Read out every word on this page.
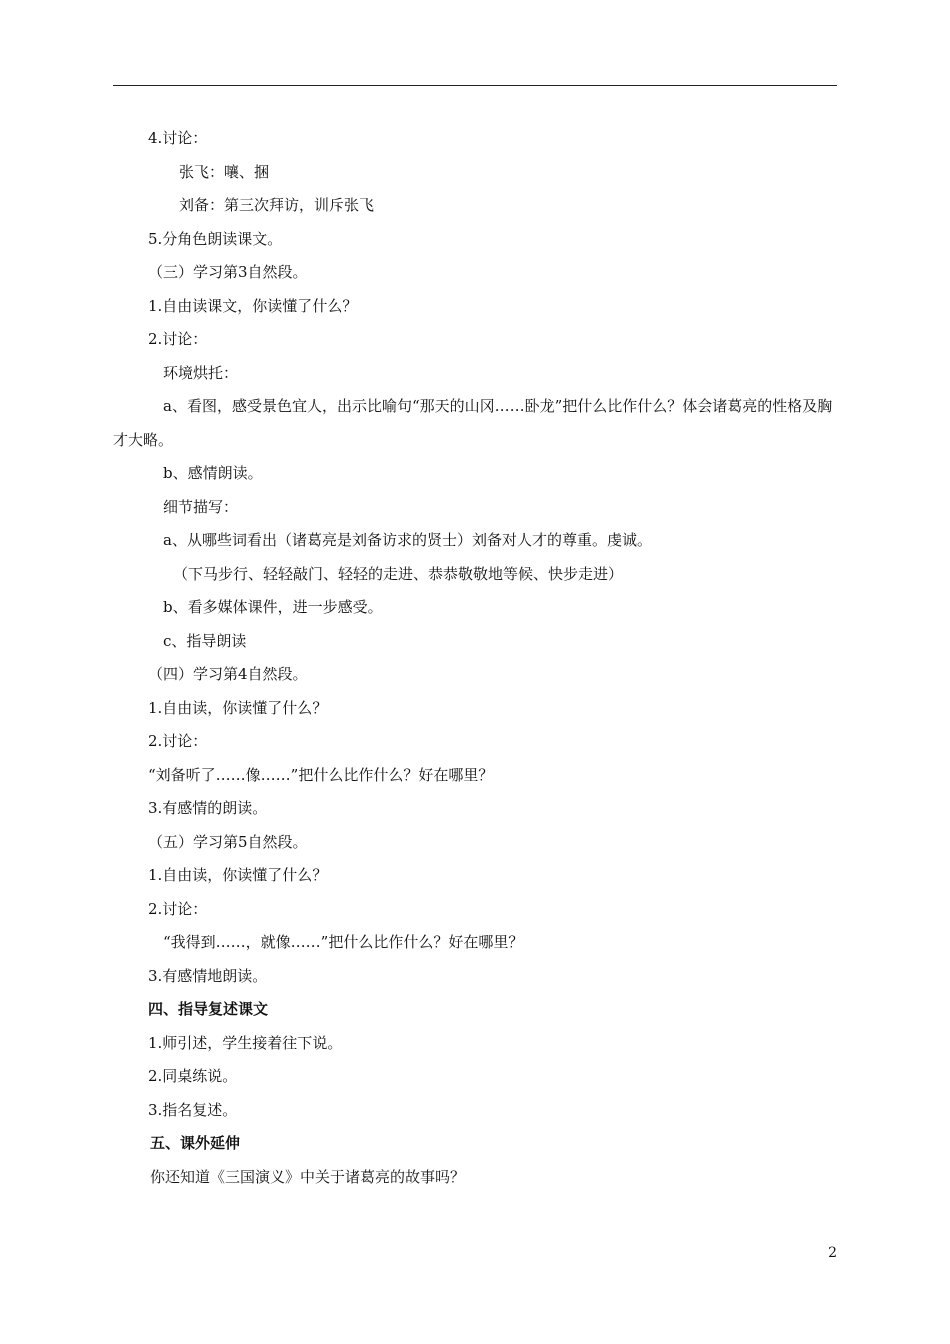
4.讨论：
张飞：嚷、捆
刘备：第三次拜访，训斥张飞
5.分角色朗读课文。
（三）学习第3自然段。
1.自由读课文，你读懂了什么？
2.讨论：
环境烘托：
a、看图，感受景色宜人，出示比喻句“那天的山冈……卧龙”把什么比作什么？体会诸葛亮的性格及胸才大略。
b、感情朗读。
细节描写：
a、从哪些词看出（诸葛亮是刘备访求的贤士）刘备对人才的尊重。虔诚。
（下马步行、轻轻敲门、轻轻的走进、恭恭敬敬地等候、快步走进）
b、看多媒体课件，进一步感受。
c、指导朗读
（四）学习第4自然段。
1.自由读，你读懂了什么？
2.讨论：
“刘备听了……像……”把什么比作什么？好在哪里？
3.有感情的朗读。
（五）学习第5自然段。
1.自由读，你读懂了什么？
2.讨论：
“我得到……，就像……”把什么比作什么？好在哪里？
3.有感情地朗读。
四、指导复述课文
1.师引述，学生接着往下说。
2.同桌练说。
3.指名复述。
五、课外延伸
你还知道《三国演义》中关于诸葛亮的故事吗？
2
